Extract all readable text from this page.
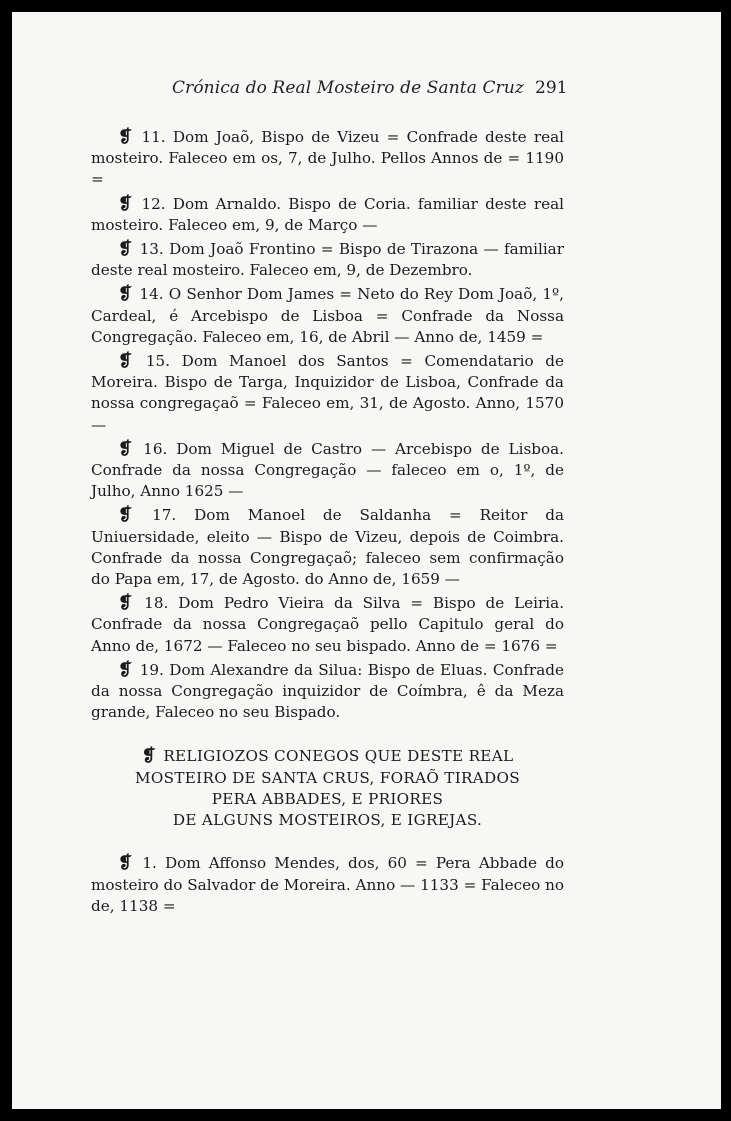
Crónica do Real Mosteiro de Santa Cruz 291

❡ 11. Dom Joaõ, Bispo de Vizeu = Confrade deste real mosteiro. Faleceo em os, 7, de Julho. Pellos Annos de = 1190 =

❡ 12. Dom Arnaldo. Bispo de Coria. familiar deste real mosteiro. Faleceo em, 9, de Março —

❡ 13. Dom Joaõ Frontino = Bispo de Tirazona — familiar deste real mosteiro. Faleceo em, 9, de Dezembro.

❡ 14. O Senhor Dom James = Neto do Rey Dom Joaõ, 1º, Cardeal, é Arcebispo de Lisboa = Confrade da Nossa Congregação. Faleceo em, 16, de Abril — Anno de, 1459 =

❡ 15. Dom Manoel dos Santos = Comendatario de Moreira. Bispo de Targa, Inquizidor de Lisboa, Confrade da nossa congregaçaõ = Faleceo em, 31, de Agosto. Anno, 1570 —

❡ 16. Dom Miguel de Castro — Arcebispo de Lisboa. Confrade da nossa Congregação — faleceo em o, 1º, de Julho, Anno 1625 —

❡ 17. Dom Manoel de Saldanha = Reitor da Uniuersidade, eleito — Bispo de Vizeu, depois de Coimbra. Confrade da nossa Congregaçaõ; faleceo sem confirmação do Papa em, 17, de Agosto. do Anno de, 1659 —

❡ 18. Dom Pedro Vieira da Silva = Bispo de Leiria. Confrade da nossa Congregaçaõ pello Capitulo geral do Anno de, 1672 — Faleceo no seu bispado. Anno de = 1676 =

❡ 19. Dom Alexandre da Silua: Bispo de Eluas. Confrade da nossa Congregação inquizidor de Coímbra, ê da Meza grande, Faleceo no seu Bispado.

❡ RELIGIOZOS CONEGOS QUE DESTE REAL
MOSTEIRO DE SANTA CRUS, FORAÕ TIRADOS
PERA ABBADES, E PRIORES
DE ALGUNS MOSTEIROS, E IGREJAS.

❡ 1. Dom Affonso Mendes, dos, 60 = Pera Abbade do mosteiro do Salvador de Moreira. Anno — 1133 = Faleceo no de, 1138 =
